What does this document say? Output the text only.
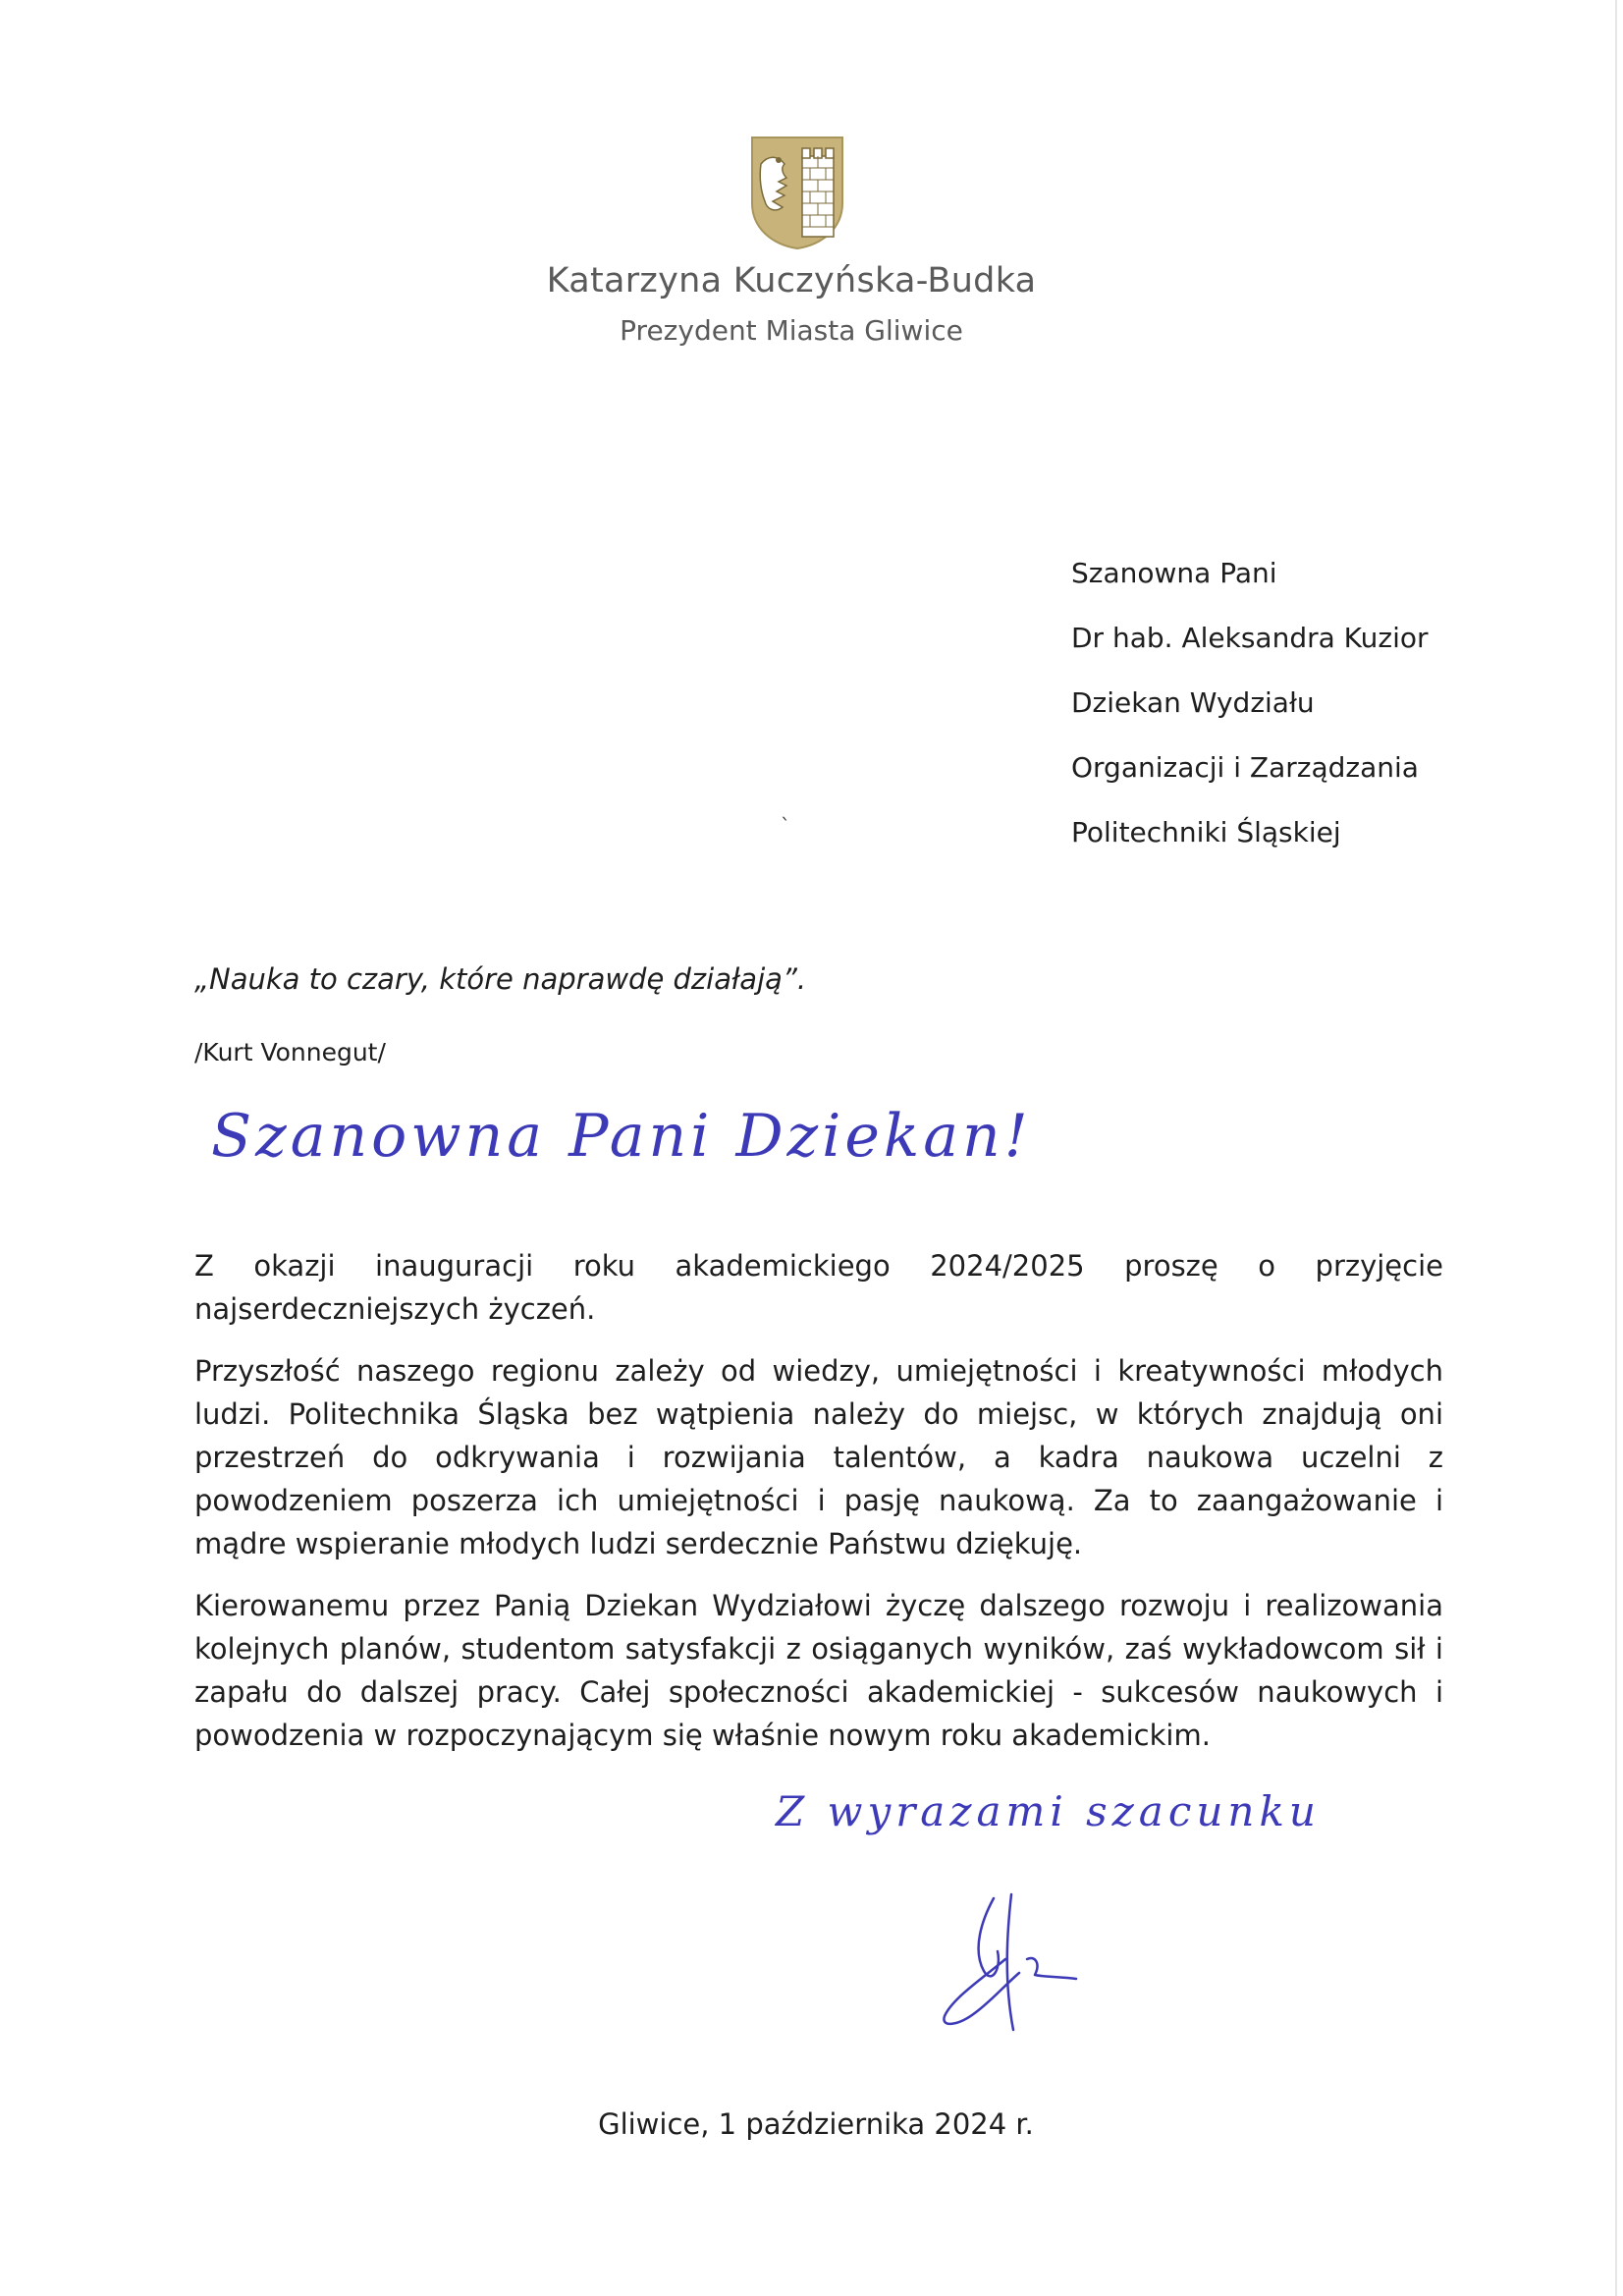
Katarzyna Kuczyńska-Budka
Prezydent Miasta Gliwice
Szanowna Pani
Dr hab. Aleksandra Kuzior
Dziekan Wydziału
Organizacji i Zarządzania
Politechniki Śląskiej
`
„Nauka to czary, które naprawdę działają”.
/Kurt Vonnegut/
Szanowna Pani Dziekan!
Z okazji inauguracji roku akademickiego 2024/2025 proszę o przyjęcie najserdeczniejszych życzeń.
Przyszłość naszego regionu zależy od wiedzy, umiejętności i kreatywności młodych ludzi. Politechnika Śląska bez wątpienia należy do miejsc, w których znajdują oni przestrzeń do odkrywania i rozwijania talentów, a kadra naukowa uczelni z powodzeniem poszerza ich umiejętności i pasję naukową. Za to zaangażowanie i mądre wspieranie młodych ludzi serdecznie Państwu dziękuję.
Kierowanemu przez Panią Dziekan Wydziałowi życzę dalszego rozwoju i realizowania kolejnych planów, studentom satysfakcji z osiąganych wyników, zaś wykładowcom sił i zapału do dalszej pracy. Całej społeczności akademickiej - sukcesów naukowych i powodzenia w rozpoczynającym się właśnie nowym roku akademickim.
Z wyrazami szacunku
Gliwice, 1 października 2024 r.
